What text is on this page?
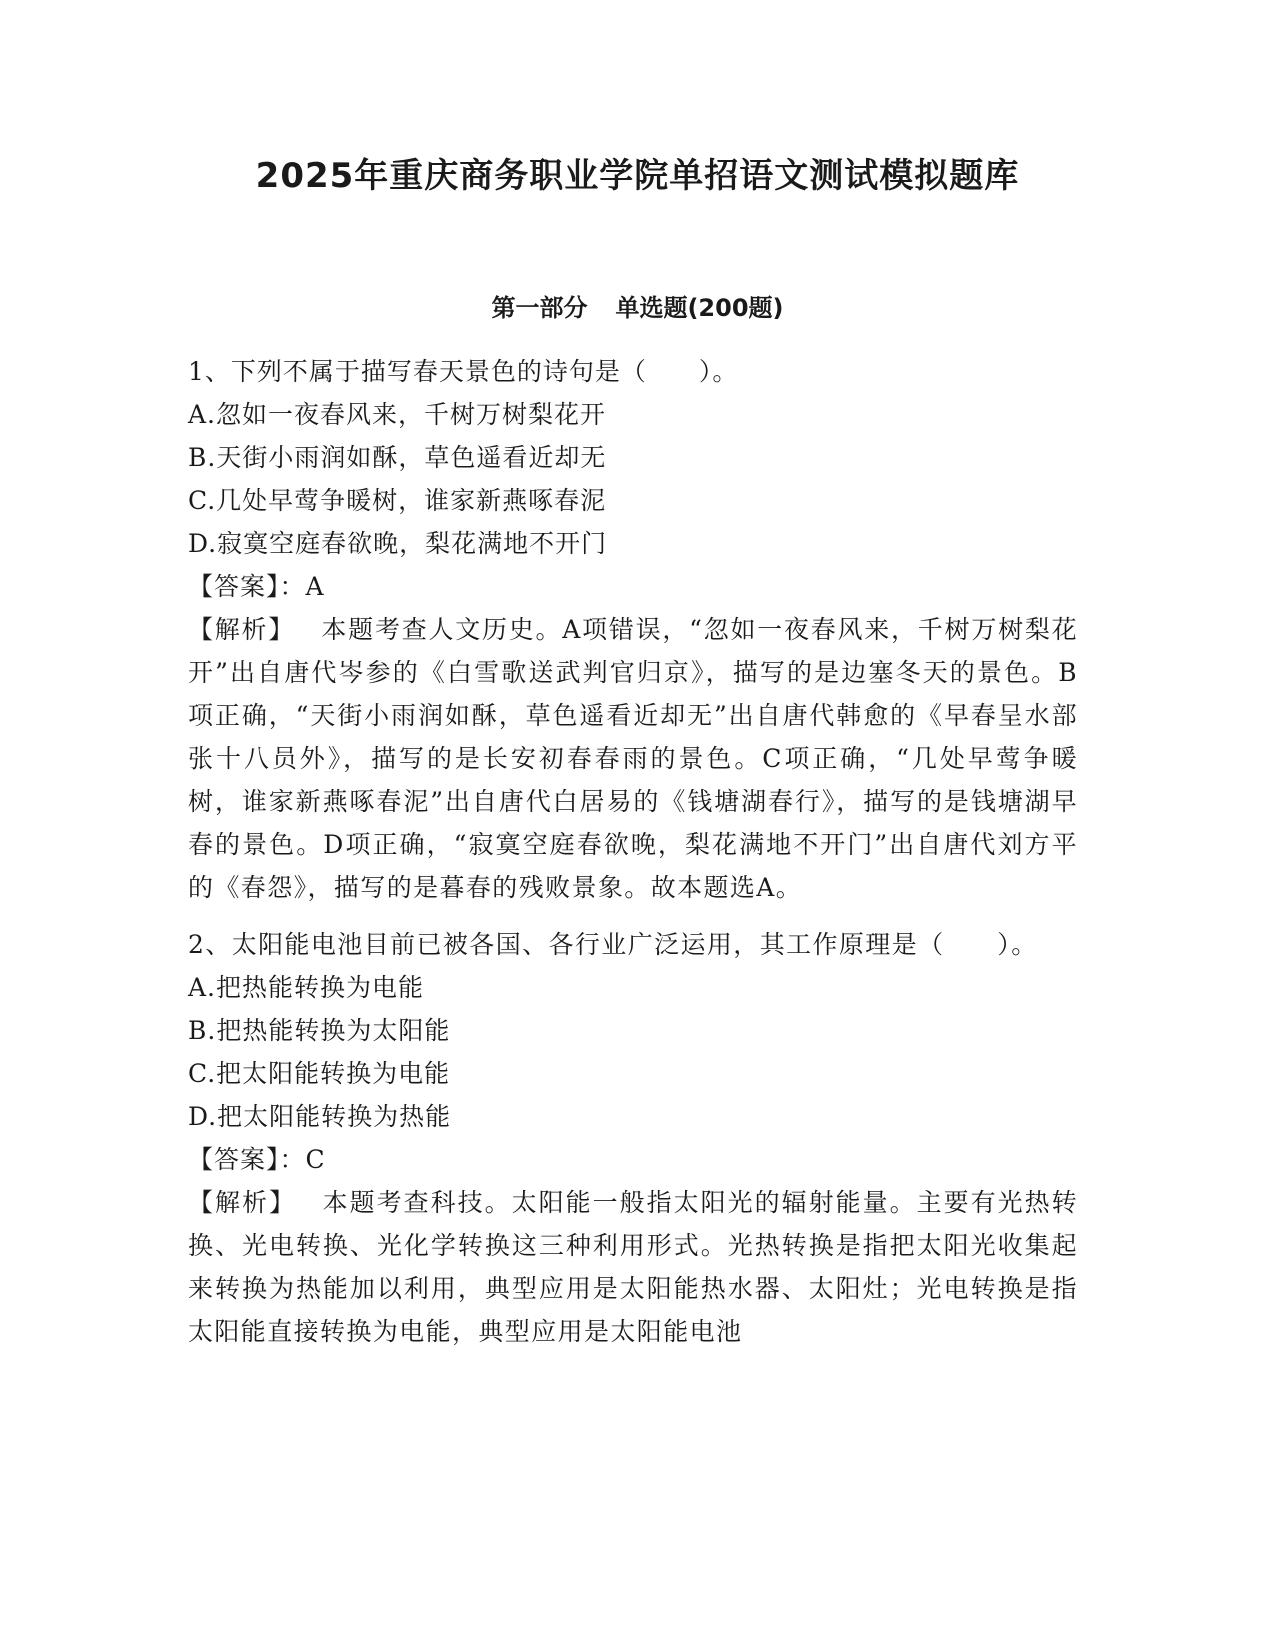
2025年重庆商务职业学院单招语文测试模拟题库
第一部分 单选题(200题)

1、下列不属于描写春天景色的诗句是（　　）。

A.忽如一夜春风来，千树万树梨花开

B.天街小雨润如酥，草色遥看近却无

C.几处早莺争暖树，谁家新燕啄春泥

D.寂寞空庭春欲晚，梨花满地不开门

【答案】：A

【解析】 本题考查人文历史。A项错误，“忽如一夜春风来，千树万树梨花开”出自唐代岑参的《白雪歌送武判官归京》，描写的是边塞冬天的景色。B项正确，“天街小雨润如酥，草色遥看近却无”出自唐代韩愈的《早春呈水部张十八员外》，描写的是长安初春春雨的景色。C项正确，“几处早莺争暖树，谁家新燕啄春泥”出自唐代白居易的《钱塘湖春行》，描写的是钱塘湖早春的景色。D项正确，“寂寞空庭春欲晚，梨花满地不开门”出自唐代刘方平的《春怨》，描写的是暮春的残败景象。故本题选A。

2、太阳能电池目前已被各国、各行业广泛运用，其工作原理是（　　）。

A.把热能转换为电能

B.把热能转换为太阳能

C.把太阳能转换为电能

D.把太阳能转换为热能

【答案】：C

【解析】 本题考查科技。太阳能一般指太阳光的辐射能量。主要有光热转换、光电转换、光化学转换这三种利用形式。光热转换是指把太阳光收集起来转换为热能加以利用，典型应用是太阳能热水器、太阳灶；光电转换是指太阳能直接转换为电能，典型应用是太阳能电池
